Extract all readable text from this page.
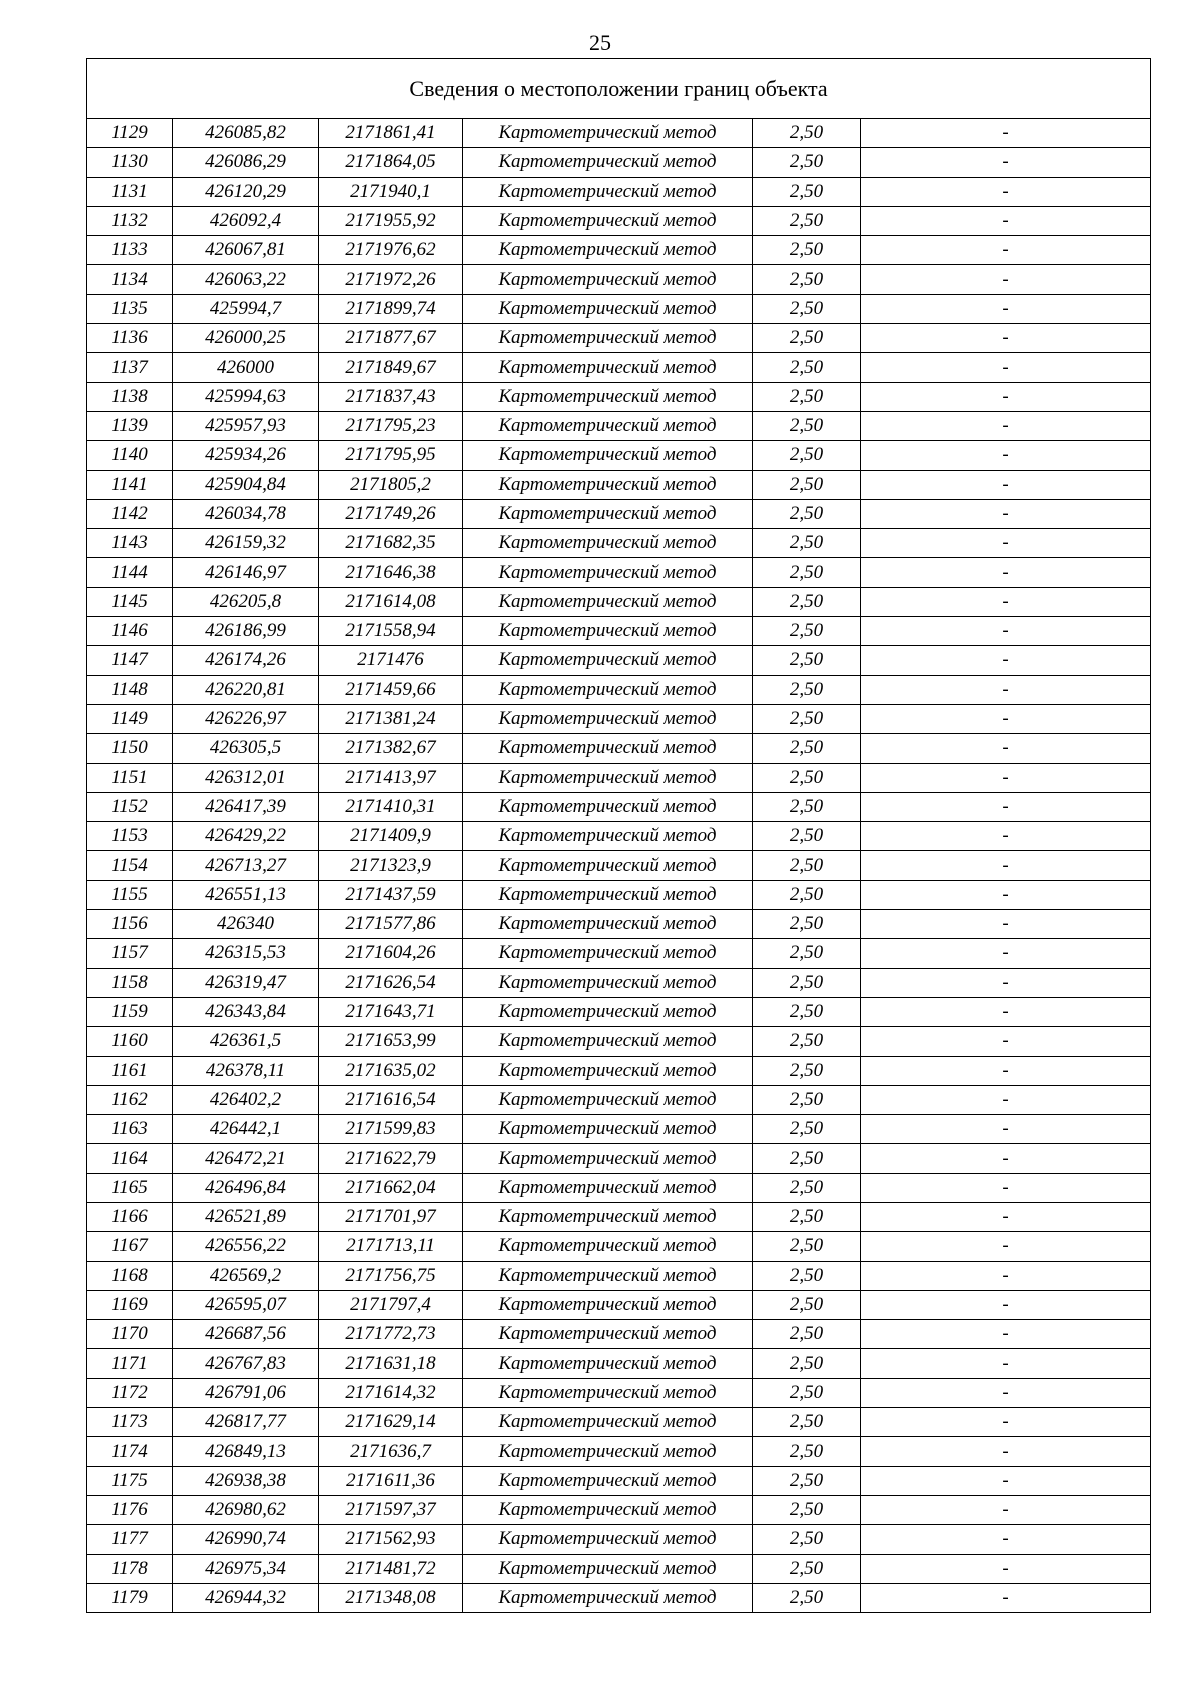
25
Сведения о местоположении границ объекта					
1129	426085,82	2171861,41	Картометрический метод	2,50	-
1130	426086,29	2171864,05	Картометрический метод	2,50	-
1131	426120,29	2171940,1	Картометрический метод	2,50	-
1132	426092,4	2171955,92	Картометрический метод	2,50	-
1133	426067,81	2171976,62	Картометрический метод	2,50	-
1134	426063,22	2171972,26	Картометрический метод	2,50	-
1135	425994,7	2171899,74	Картометрический метод	2,50	-
1136	426000,25	2171877,67	Картометрический метод	2,50	-
1137	426000	2171849,67	Картометрический метод	2,50	-
1138	425994,63	2171837,43	Картометрический метод	2,50	-
1139	425957,93	2171795,23	Картометрический метод	2,50	-
1140	425934,26	2171795,95	Картометрический метод	2,50	-
1141	425904,84	2171805,2	Картометрический метод	2,50	-
1142	426034,78	2171749,26	Картометрический метод	2,50	-
1143	426159,32	2171682,35	Картометрический метод	2,50	-
1144	426146,97	2171646,38	Картометрический метод	2,50	-
1145	426205,8	2171614,08	Картометрический метод	2,50	-
1146	426186,99	2171558,94	Картометрический метод	2,50	-
1147	426174,26	2171476	Картометрический метод	2,50	-
1148	426220,81	2171459,66	Картометрический метод	2,50	-
1149	426226,97	2171381,24	Картометрический метод	2,50	-
1150	426305,5	2171382,67	Картометрический метод	2,50	-
1151	426312,01	2171413,97	Картометрический метод	2,50	-
1152	426417,39	2171410,31	Картометрический метод	2,50	-
1153	426429,22	2171409,9	Картометрический метод	2,50	-
1154	426713,27	2171323,9	Картометрический метод	2,50	-
1155	426551,13	2171437,59	Картометрический метод	2,50	-
1156	426340	2171577,86	Картометрический метод	2,50	-
1157	426315,53	2171604,26	Картометрический метод	2,50	-
1158	426319,47	2171626,54	Картометрический метод	2,50	-
1159	426343,84	2171643,71	Картометрический метод	2,50	-
1160	426361,5	2171653,99	Картометрический метод	2,50	-
1161	426378,11	2171635,02	Картометрический метод	2,50	-
1162	426402,2	2171616,54	Картометрический метод	2,50	-
1163	426442,1	2171599,83	Картометрический метод	2,50	-
1164	426472,21	2171622,79	Картометрический метод	2,50	-
1165	426496,84	2171662,04	Картометрический метод	2,50	-
1166	426521,89	2171701,97	Картометрический метод	2,50	-
1167	426556,22	2171713,11	Картометрический метод	2,50	-
1168	426569,2	2171756,75	Картометрический метод	2,50	-
1169	426595,07	2171797,4	Картометрический метод	2,50	-
1170	426687,56	2171772,73	Картометрический метод	2,50	-
1171	426767,83	2171631,18	Картометрический метод	2,50	-
1172	426791,06	2171614,32	Картометрический метод	2,50	-
1173	426817,77	2171629,14	Картометрический метод	2,50	-
1174	426849,13	2171636,7	Картометрический метод	2,50	-
1175	426938,38	2171611,36	Картометрический метод	2,50	-
1176	426980,62	2171597,37	Картометрический метод	2,50	-
1177	426990,74	2171562,93	Картометрический метод	2,50	-
1178	426975,34	2171481,72	Картометрический метод	2,50	-
1179	426944,32	2171348,08	Картометрический метод	2,50	-
